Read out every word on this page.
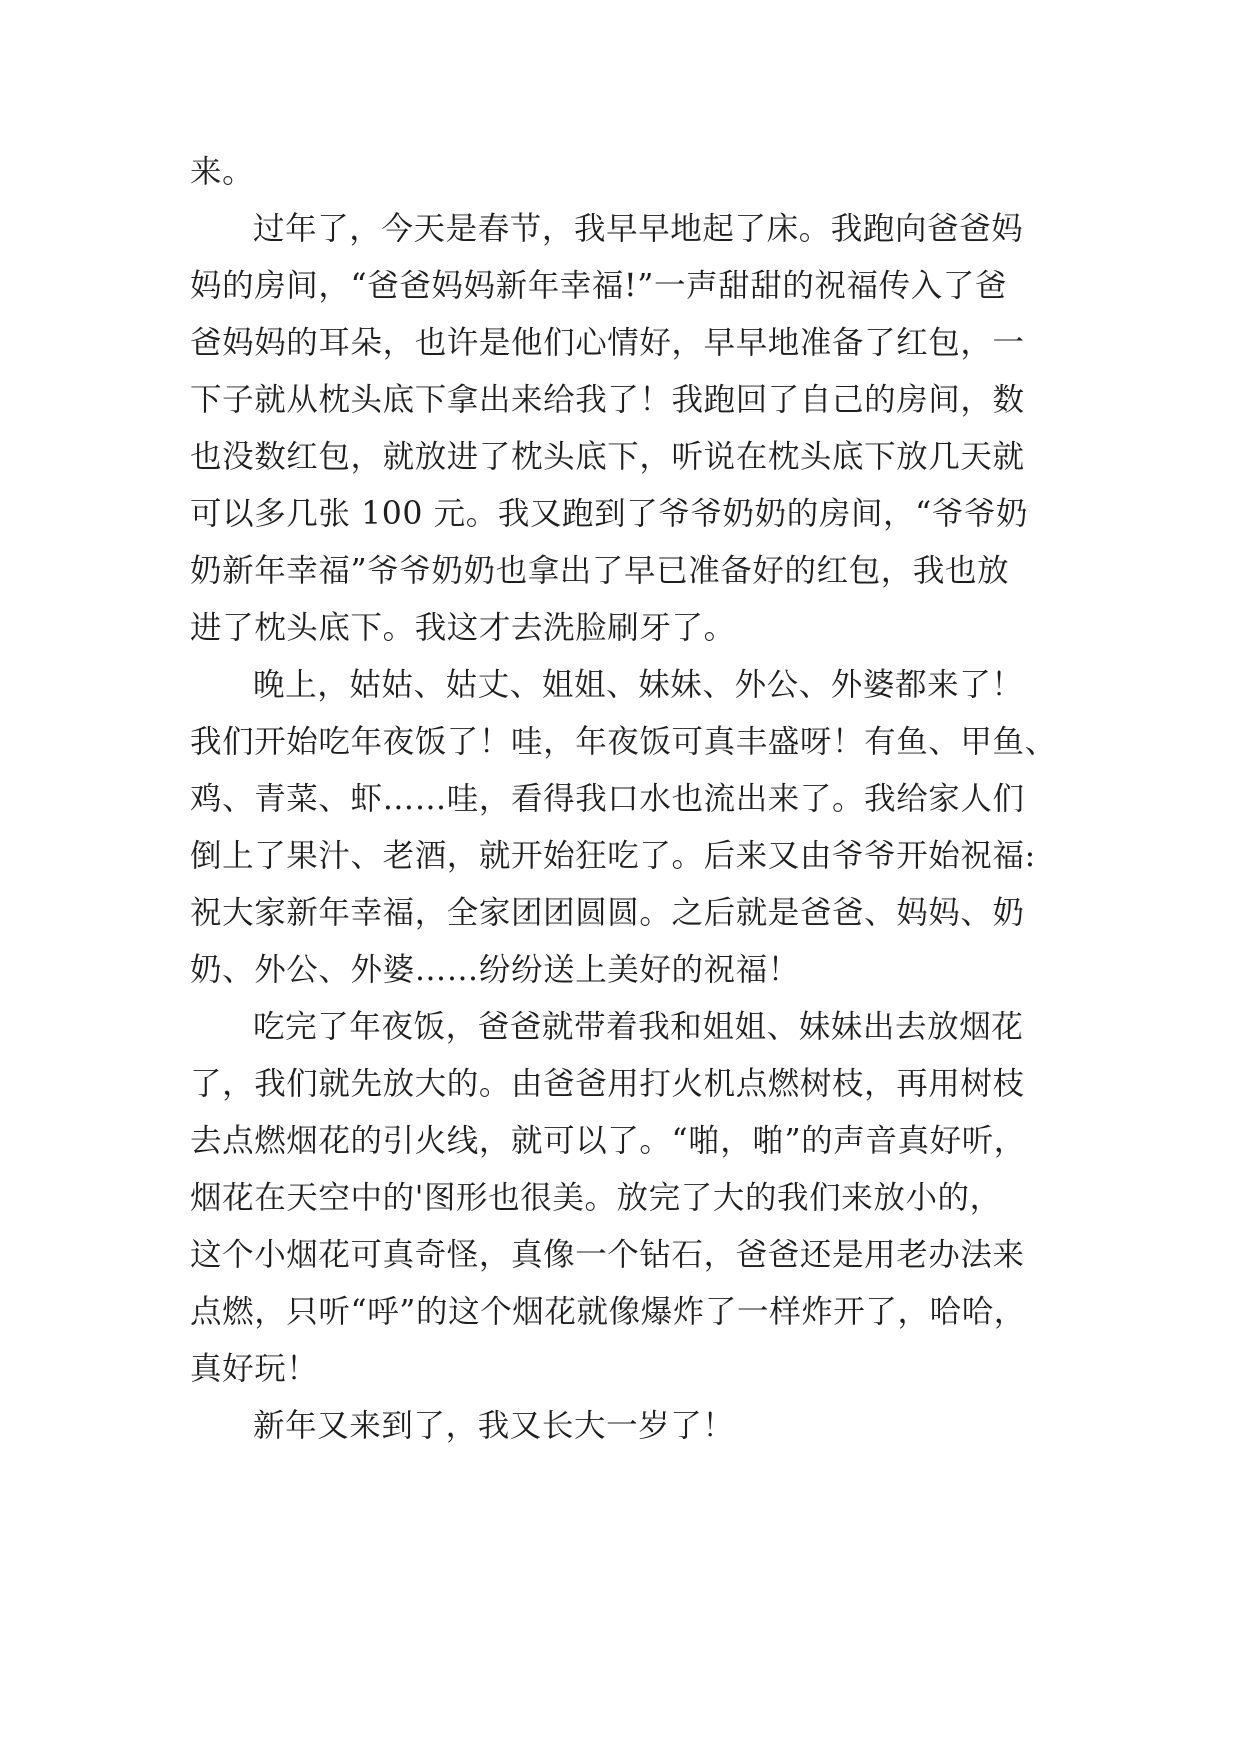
来。

过年了，今天是春节，我早早地起了床。我跑向爸爸妈

妈的房间，“爸爸妈妈新年幸福!”一声甜甜的祝福传入了爸

爸妈妈的耳朵，也许是他们心情好，早早地准备了红包，一

下子就从枕头底下拿出来给我了！我跑回了自己的房间，数

也没数红包，就放进了枕头底下，听说在枕头底下放几天就

可以多几张 100 元。我又跑到了爷爷奶奶的房间，“爷爷奶

奶新年幸福”爷爷奶奶也拿出了早已准备好的红包，我也放

进了枕头底下。我这才去洗脸刷牙了。

晚上，姑姑、姑丈、姐姐、妹妹、外公、外婆都来了！

我们开始吃年夜饭了！哇，年夜饭可真丰盛呀！有鱼、甲鱼、

鸡、青菜、虾……哇，看得我口水也流出来了。我给家人们

倒上了果汁、老酒，就开始狂吃了。后来又由爷爷开始祝福:

祝大家新年幸福，全家团团圆圆。之后就是爸爸、妈妈、奶

奶、外公、外婆……纷纷送上美好的祝福！

吃完了年夜饭，爸爸就带着我和姐姐、妹妹出去放烟花

了，我们就先放大的。由爸爸用打火机点燃树枝，再用树枝

去点燃烟花的引火线，就可以了。“啪，啪”的声音真好听，

烟花在天空中的'图形也很美。放完了大的我们来放小的，

这个小烟花可真奇怪，真像一个钻石，爸爸还是用老办法来

点燃，只听“呼”的这个烟花就像爆炸了一样炸开了，哈哈，

真好玩！

新年又来到了，我又长大一岁了！
